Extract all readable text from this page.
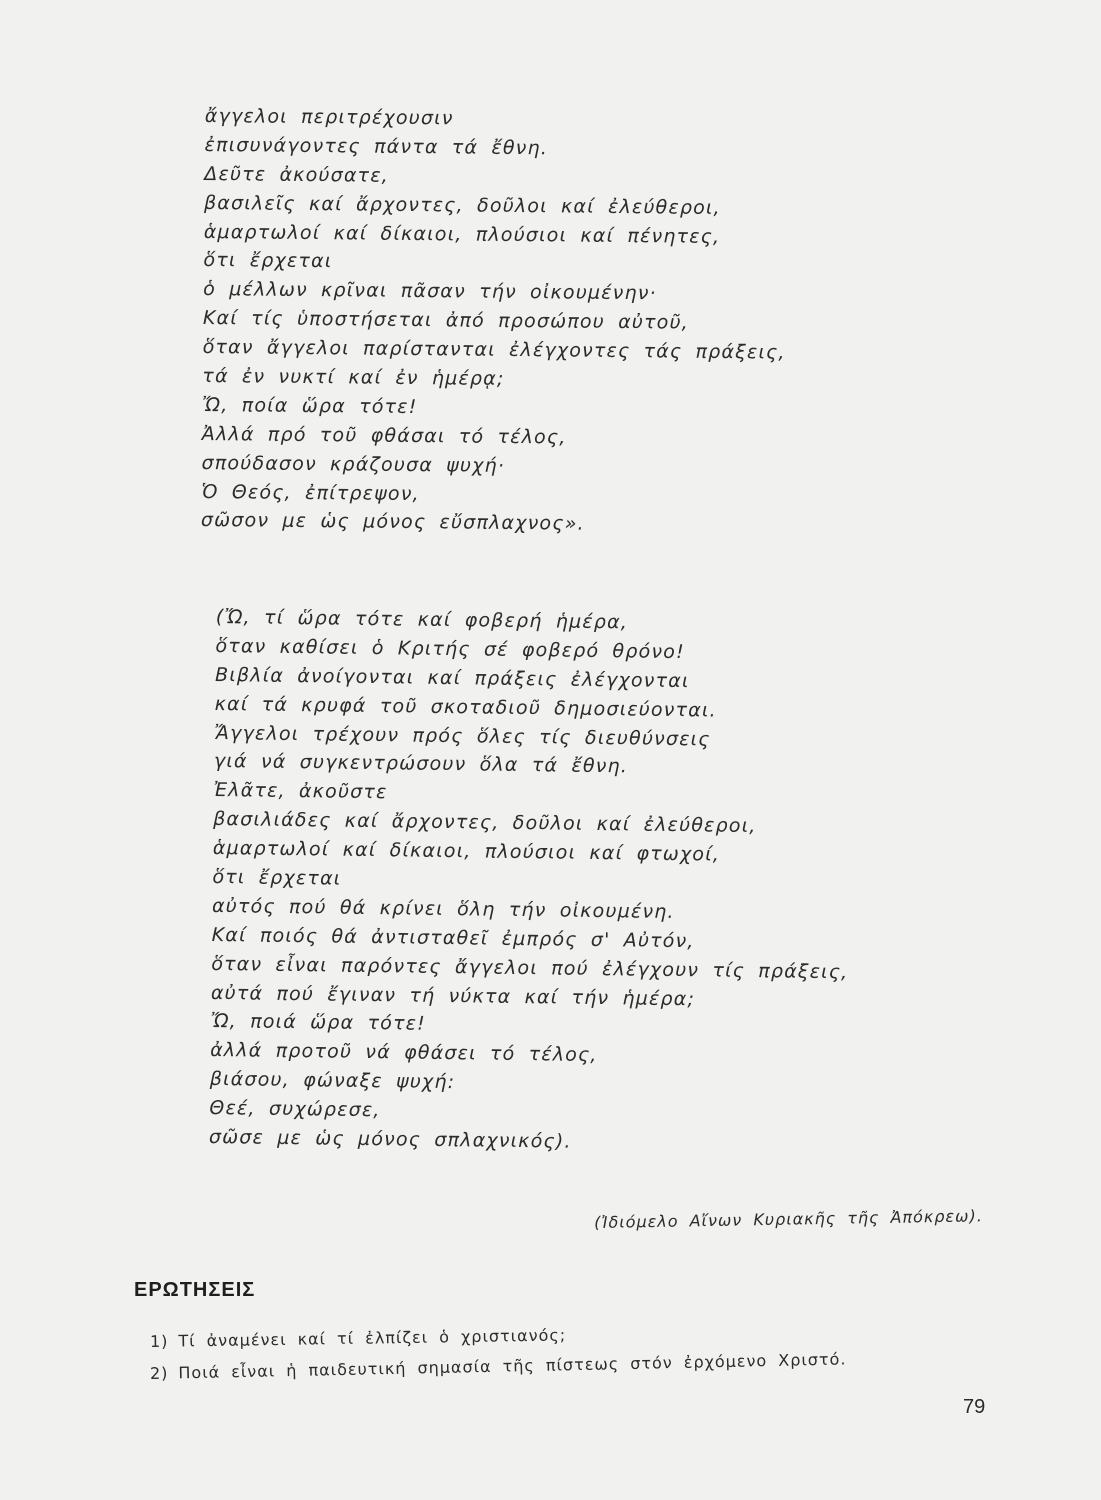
ἄγγελοι περιτρέχουσιν
ἐπισυνάγοντες πάντα τά ἔθνη.
Δεῦτε ἀκούσατε,
βασιλεῖς καί ἄρχοντες, δοῦλοι καί ἐλεύθεροι,
ἁμαρτωλοί καί δίκαιοι, πλούσιοι καί πένητες,
ὅτι ἔρχεται
ὁ μέλλων κρῖναι πᾶσαν τήν οἰκουμένην·
Καί τίς ὑποστήσεται ἀπό προσώπου αὐτοῦ,
ὅταν ἄγγελοι παρίστανται ἐλέγχοντες τάς πράξεις,
τά ἐν νυκτί καί ἐν ἡμέρᾳ;
Ὤ, ποία ὥρα τότε!
Ἀλλά πρό τοῦ φθάσαι τό τέλος,
σπούδασον κράζουσα ψυχή·
Ὁ Θεός, ἐπίτρεψον,
σῶσον με ὡς μόνος εὔσπλαχνος».
(Ὤ, τί ὥρα τότε καί φοβερή ἡμέρα,
ὅταν καθίσει ὁ Κριτής σέ φοβερό θρόνο!
Βιβλία ἀνοίγονται καί πράξεις ἐλέγχονται
καί τά κρυφά τοῦ σκοταδιοῦ δημοσιεύονται.
Ἄγγελοι τρέχουν πρός ὅλες τίς διευθύνσεις
γιά νά συγκεντρώσουν ὅλα τά ἔθνη.
Ἐλᾶτε, ἀκοῦστε
βασιλιάδες καί ἄρχοντες, δοῦλοι καί ἐλεύθεροι,
ἁμαρτωλοί καί δίκαιοι, πλούσιοι καί φτωχοί,
ὅτι ἔρχεται
αὐτός πού θά κρίνει ὅλη τήν οἰκουμένη.
Καί ποιός θά ἀντισταθεῖ ἐμπρός σ' Αὐτόν,
ὅταν εἶναι παρόντες ἄγγελοι πού ἐλέγχουν τίς πράξεις,
αὐτά πού ἔγιναν τή νύκτα καί τήν ἡμέρα;
Ὤ, ποιά ὥρα τότε!
ἀλλά προτοῦ νά φθάσει τό τέλος,
βιάσου, φώναξε ψυχή:
Θεέ, συχώρεσε,
σῶσε με ὡς μόνος σπλαχνικός).
(Ἰδιόμελο Αἴνων Κυριακῆς τῆς Ἀπόκρεω).
ΕΡΩΤΗΣΕΙΣ
1) Τί ἀναμένει καί τί ἐλπίζει ὁ χριστιανός;
2) Ποιά εἶναι ἡ παιδευτική σημασία τῆς πίστεως στόν ἐρχόμενο Χριστό.
79
